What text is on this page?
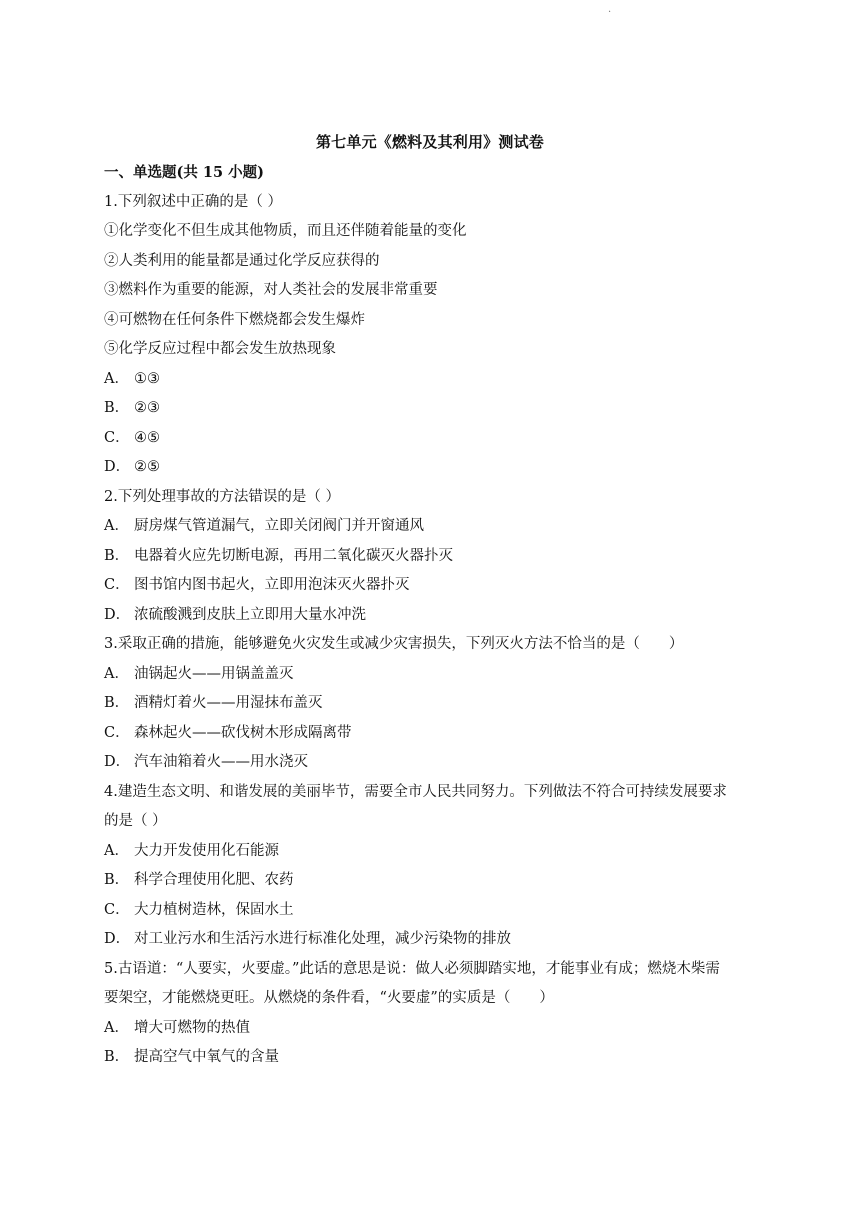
.
第七单元《燃料及其利用》测试卷
一、单选题(共 15 小题)
1.下列叙述中正确的是（ ）
①化学变化不但生成其他物质，而且还伴随着能量的变化
②人类利用的能量都是通过化学反应获得的
③燃料作为重要的能源，对人类社会的发展非常重要
④可燃物在任何条件下燃烧都会发生爆炸
⑤化学反应过程中都会发生放热现象
A． ①③
B． ②③
C． ④⑤
D． ②⑤
2.下列处理事故的方法错误的是（ ）
A． 厨房煤气管道漏气，立即关闭阀门并开窗通风
B． 电器着火应先切断电源，再用二氧化碳灭火器扑灭
C． 图书馆内图书起火，立即用泡沫灭火器扑灭
D． 浓硫酸溅到皮肤上立即用大量水冲洗
3.采取正确的措施，能够避免火灾发生或减少灾害损失，下列灭火方法不恰当的是（　　）
A． 油锅起火——用锅盖盖灭
B． 酒精灯着火——用湿抹布盖灭
C． 森林起火——砍伐树木形成隔离带
D． 汽车油箱着火——用水浇灭
4.建造生态文明、和谐发展的美丽毕节，需要全市人民共同努力。下列做法不符合可持续发展要求
的是（ ）
A． 大力开发使用化石能源
B． 科学合理使用化肥、农药
C． 大力植树造林，保固水土
D． 对工业污水和生活污水进行标准化处理，减少污染物的排放
5.古语道：“人要实，火要虚。”此话的意思是说：做人必须脚踏实地，才能事业有成；燃烧木柴需
要架空，才能燃烧更旺。从燃烧的条件看，“火要虚”的实质是（　　）
A． 增大可燃物的热值
B． 提高空气中氧气的含量
